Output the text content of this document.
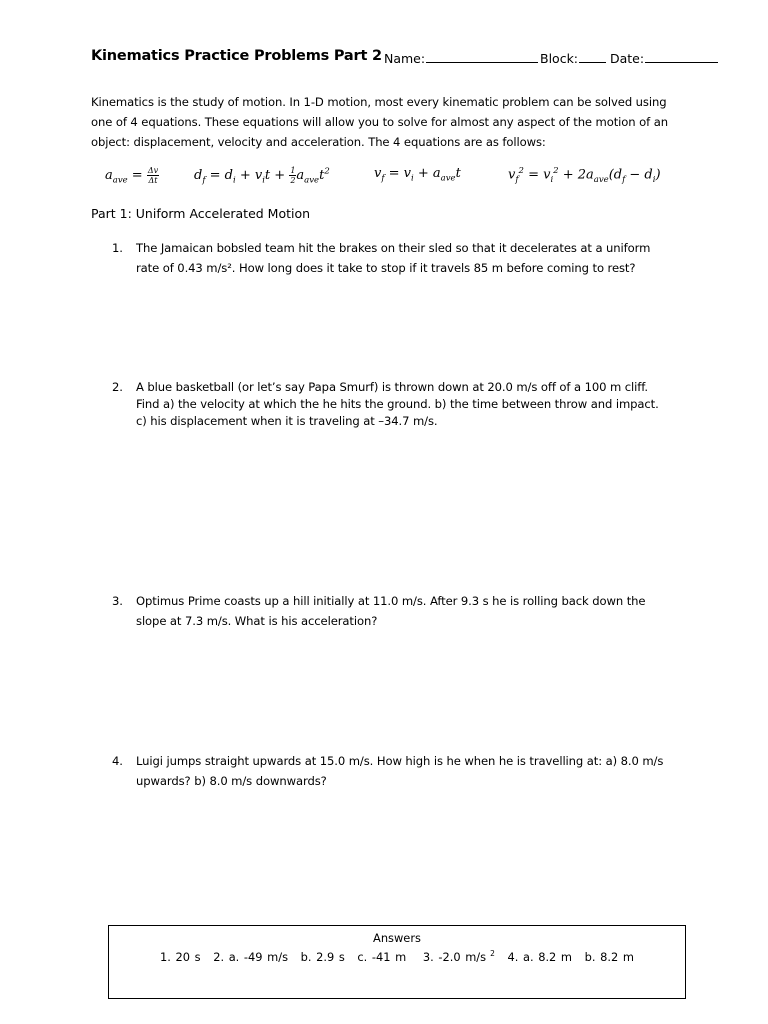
Kinematics Practice Problems Part 2 Name:	Block:	Date:
Kinematics is the study of motion. In 1-D motion, most every kinematic problem can be solved using one of 4 equations. These equations will allow you to solve for almost any aspect of the motion of an object: displacement, velocity and acceleration. The 4 equations are as follows:
$a_{ave} = \frac{\Delta v}{\Delta t}$	$d_f = d_i + v_it + \frac{1}{2} a_{ave}t^2$	$v_f = v_i + a_{ave}t$	$v_f^2 = v_i^2 + 2a_{ave}(d_f - d_i)$
Part 1: Uniform Accelerated Motion
1. The Jamaican bobsled team hit the brakes on their sled so that it decelerates at a uniform rate of 0.43 m/s². How long does it take to stop if it travels 85 m before coming to rest?
2. A blue basketball (or let’s say Papa Smurf) is thrown down at 20.0 m/s off of a 100 m cliff. Find a) the velocity at which the he hits the ground. b) the time between throw and impact. c) his displacement when it is traveling at –34.7 m/s.
3. Optimus Prime coasts up a hill initially at 11.0 m/s. After 9.3 s he is rolling back down the slope at 7.3 m/s. What is his acceleration?
4. Luigi jumps straight upwards at 15.0 m/s. How high is he when he is travelling at: a) 8.0 m/s upwards? b) 8.0 m/s downwards?
Answers
1. 20 s 2. a. -49 m/s b. 2.9 s c. -41 m 3. -2.0 m/s $^2$ 4. a. 8.2 m b. 8.2 m
